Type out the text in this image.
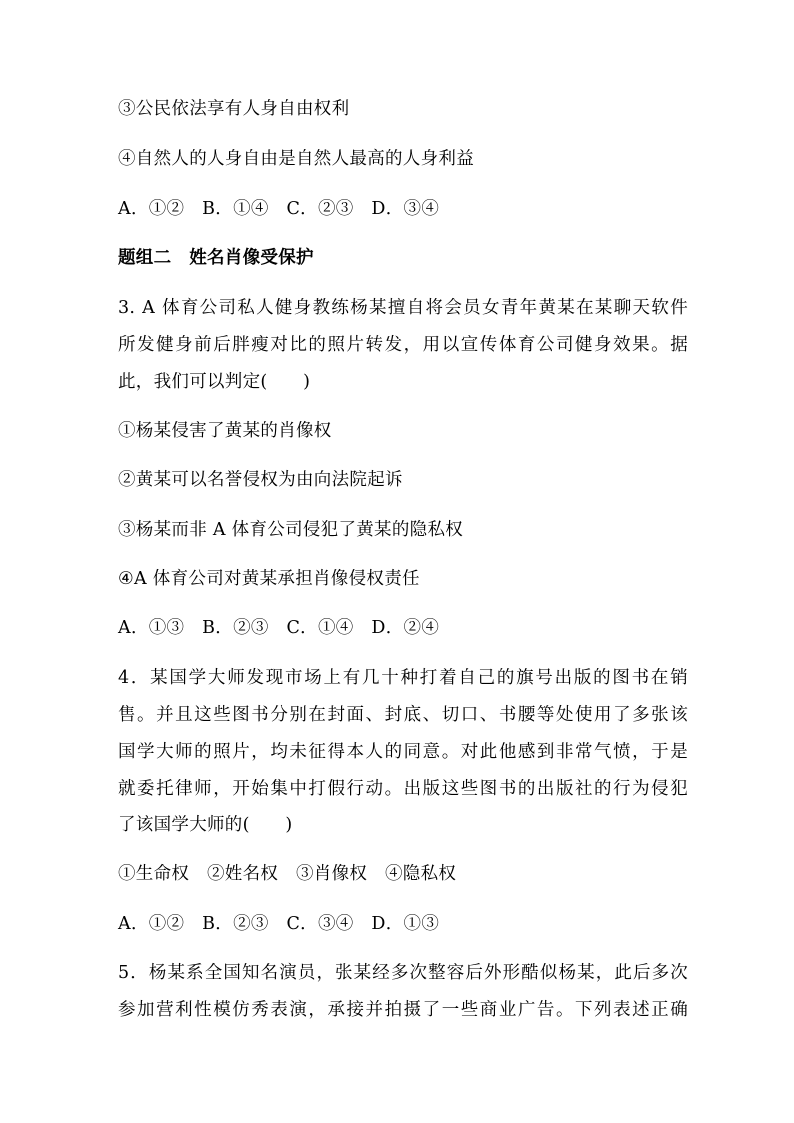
③公民依法享有人身自由权利
④自然人的人身自由是自然人最高的人身利益
A．①②　B．①④　C．②③　D．③④
题组二　姓名肖像受保护
3. A 体育公司私人健身教练杨某擅自将会员女青年黄某在某聊天软件
所发健身前后胖瘦对比的照片转发，用以宣传体育公司健身效果。据
此，我们可以判定(　　)
①杨某侵害了黄某的肖像权
②黄某可以名誉侵权为由向法院起诉
③杨某而非 A 体育公司侵犯了黄某的隐私权
④A 体育公司对黄某承担肖像侵权责任
A．①③　B．②③　C．①④　D．②④
4．某国学大师发现市场上有几十种打着自己的旗号出版的图书在销
售。并且这些图书分别在封面、封底、切口、书腰等处使用了多张该
国学大师的照片，均未征得本人的同意。对此他感到非常气愤，于是
就委托律师，开始集中打假行动。出版这些图书的出版社的行为侵犯
了该国学大师的(　　)
①生命权　②姓名权　③肖像权　④隐私权
A．①②　B．②③　C．③④　D．①③
5．杨某系全国知名演员，张某经多次整容后外形酷似杨某，此后多次
参加营利性模仿秀表演，承接并拍摄了一些商业广告。下列表述正确
